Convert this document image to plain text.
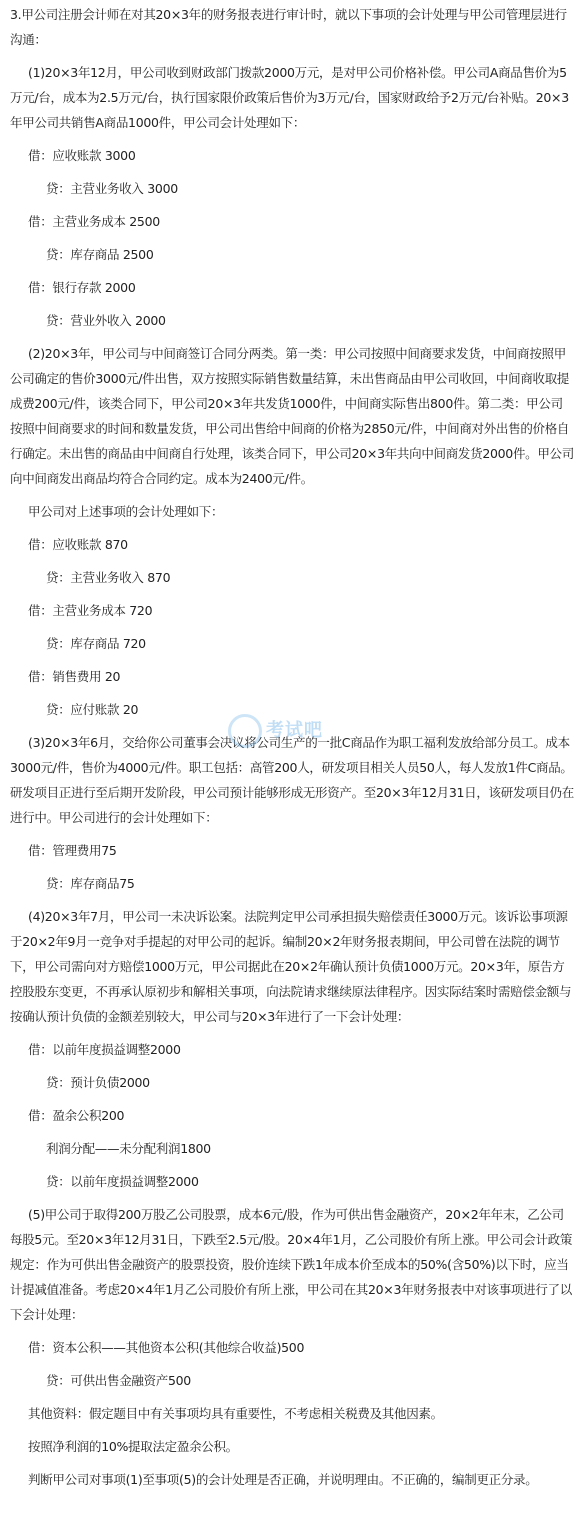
3.甲公司注册会计师在对其20×3年的财务报表进行审计时，就以下事项的会计处理与甲公司管理层进行沟通：

(1)20×3年12月，甲公司收到财政部门拨款2000万元，是对甲公司价格补偿。甲公司A商品售价为5万元/台，成本为2.5万元/台，执行国家限价政策后售价为3万元/台，国家财政给予2万元/台补贴。20×3年甲公司共销售A商品1000件，甲公司会计处理如下：

借：应收账款 3000

贷：主营业务收入 3000

借：主营业务成本 2500

贷：库存商品 2500

借：银行存款 2000

贷：营业外收入 2000

(2)20×3年，甲公司与中间商签订合同分两类。第一类：甲公司按照中间商要求发货，中间商按照甲公司确定的售价3000元/件出售，双方按照实际销售数量结算，未出售商品由甲公司收回，中间商收取提成费200元/件，该类合同下，甲公司20×3年共发货1000件，中间商实际售出800件。第二类：甲公司按照中间商要求的时间和数量发货，甲公司出售给中间商的价格为2850元/件，中间商对外出售的价格自行确定。未出售的商品由中间商自行处理，该类合同下，甲公司20×3年共向中间商发货2000件。甲公司向中间商发出商品均符合合同约定。成本为2400元/件。

甲公司对上述事项的会计处理如下：

借：应收账款 870

贷：主营业务收入 870

借：主营业务成本 720

贷：库存商品 720

借：销售费用 20

贷：应付账款 20

(3)20×3年6月，交给你公司董事会决议将公司生产的一批C商品作为职工福利发放给部分员工。成本3000元/件，售价为4000元/件。职工包括：高管200人，研发项目相关人员50人，每人发放1件C商品。研发项目正进行至后期开发阶段，甲公司预计能够形成无形资产。至20×3年12月31日，该研发项目仍在进行中。甲公司进行的会计处理如下：

借：管理费用75

贷：库存商品75

(4)20×3年7月，甲公司一未决诉讼案。法院判定甲公司承担损失赔偿责任3000万元。该诉讼事项源于20×2年9月一竞争对手提起的对甲公司的起诉。编制20×2年财务报表期间，甲公司曾在法院的调节下，甲公司需向对方赔偿1000万元，甲公司据此在20×2年确认预计负债1000万元。20×3年，原告方控股股东变更，不再承认原初步和解相关事项，向法院请求继续原法律程序。因实际结案时需赔偿金额与按确认预计负债的金额差别较大，甲公司与20×3年进行了一下会计处理：

借：以前年度损益调整2000

贷：预计负债2000

借：盈余公积200

利润分配——未分配利润1800

贷：以前年度损益调整2000

(5)甲公司于取得200万股乙公司股票，成本6元/股，作为可供出售金融资产，20×2年年末，乙公司每股5元。至20×3年12月31日，下跌至2.5元/股。20×4年1月，乙公司股价有所上涨。甲公司会计政策规定：作为可供出售金融资产的股票投资，股价连续下跌1年成本价至成本的50%(含50%)以下时，应当计提减值准备。考虑20×4年1月乙公司股价有所上涨，甲公司在其20×3年财务报表中对该事项进行了以下会计处理：

借：资本公积——其他资本公积(其他综合收益)500

贷：可供出售金融资产500

其他资料：假定题目中有关事项均具有重要性，不考虑相关税费及其他因素。

按照净利润的10%提取法定盈余公积。

判断甲公司对事项(1)至事项(5)的会计处理是否正确，并说明理由。不正确的，编制更正分录。

考试吧
